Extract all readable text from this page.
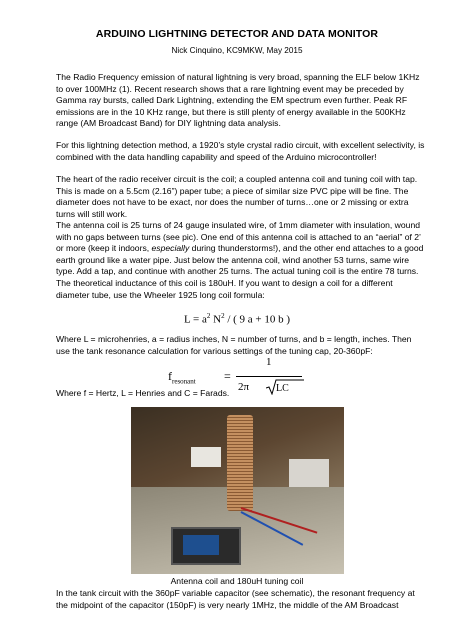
ARDUINO LIGHTNING DETECTOR AND DATA MONITOR
Nick Cinquino, KC9MKW, May 2015

The Radio Frequency emission of natural lightning is very broad, spanning the ELF below 1KHz to over 100MHz (1). Recent research shows that a rare lightning event may be preceded by Gamma ray bursts, called Dark Lightning, extending the EM spectrum even further. Peak RF emissions are in the 10 KHz range, but there is still plenty of energy available in the 500KHz range (AM Broadcast Band) for DIY lightning data analysis.

For this lightning detection method, a 1920’s style crystal radio circuit, with excellent selectivity, is combined with the data handling capability and speed of the Arduino microcontroller!

The heart of the radio receiver circuit is the coil; a coupled antenna coil and tuning coil with tap. This is made on a 5.5cm (2.16”) paper tube; a piece of similar size PVC pipe will be fine. The diameter does not have to be exact, nor does the number of turns…one or 2 missing or extra turns will still work.

The antenna coil is 25 turns of 24 gauge insulated wire, of 1mm diameter with insulation, wound with no gaps between turns (see pic). One end of this antenna coil is attached to an “aerial” of 2’ or more (keep it indoors, especially during thunderstorms!), and the other end attaches to a good earth ground like a water pipe. Just below the antenna coil, wind another 53 turns, same wire type. Add a tap, and continue with another 25 turns. The actual tuning coil is the entire 78 turns. The theoretical inductance of this coil is 180uH. If you want to design a coil for a different diameter tube, use the Wheeler 1925 long coil formula:

$L = a^2$ $N^2$ / ( 9 a + 10 b )

Where L = microhenries, a = radius inches, N = number of turns, and b = length, inches. Then use the tank resonance calculation for various settings of the tuning cap, 20-360pF:

$f_{resonant}$ =
1
2π	LC

Where f = Hertz, L = Henries and C = Farads.

Antenna coil and 180uH tuning coil

In the tank circuit with the 360pF variable capacitor (see schematic), the resonant frequency at the midpoint of the capacitor (150pF) is very nearly 1MHz, the middle of the AM Broadcast
